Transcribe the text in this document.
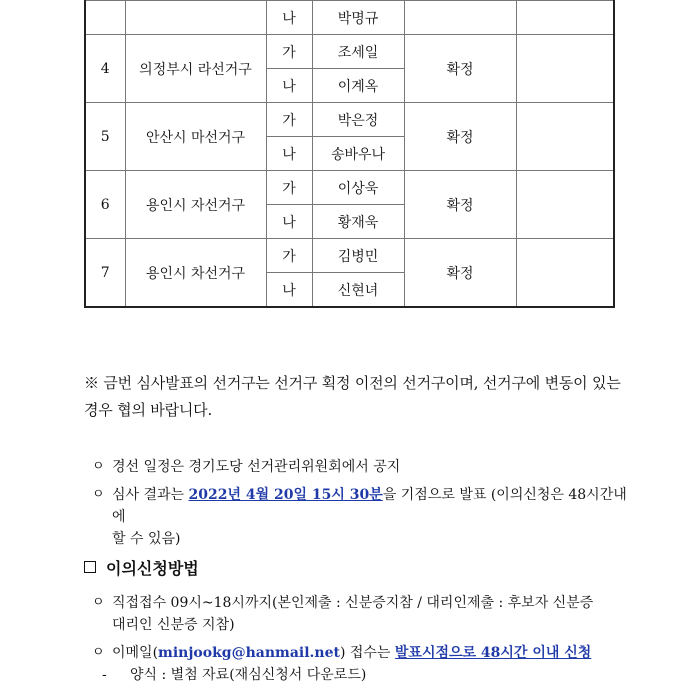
		나	박명규		
4	의정부시 라선거구	가	조세일	확정	
		나	이계옥		
5	안산시 마선거구	가	박은정	확정	
		나	송바우나		
6	용인시 자선거구	가	이상욱	확정	
		나	황재욱		
7	용인시 차선거구	가	김병민	확정	
		나	신현녀		
※ 금번 심사발표의 선거구는 선거구 획정 이전의 선거구이며, 선거구에 변동이 있는
경우 협의 바랍니다.
ㅇ 경선 일정은 경기도당 선거관리위원회에서 공지
ㅇ 심사 결과는 2022년 4월 20일 15시 30분을 기점으로 발표 (이의신청은 48시간내에
할 수 있음)
이의신청방법
ㅇ 직접접수 09시~18시까지(본인제출 : 신분증지참 / 대리인제출 : 후보자 신분증
대리인 신분증 지참)
ㅇ 이메일(minjookg@hanmail.net) 접수는 발표시점으로 48시간 이내 신청
- 양식 : 별첨 자료(재심신청서 다운로드)
